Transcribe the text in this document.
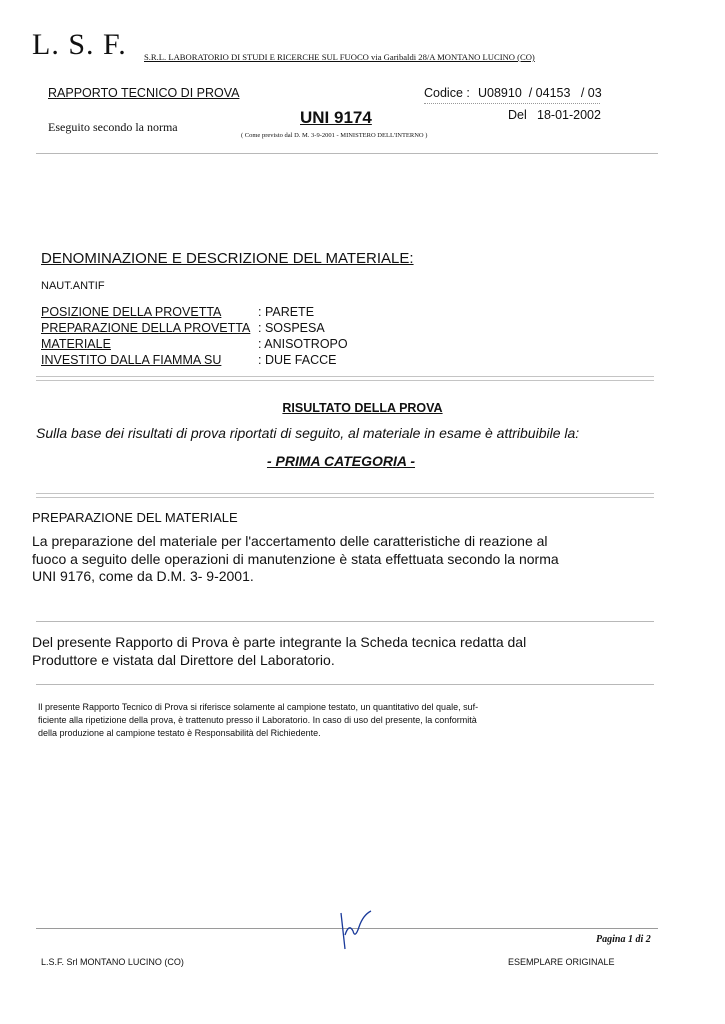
L. S. F. S.R.L. LABORATORIO DI STUDI E RICERCHE SUL FUOCO via Garibaldi 28/A MONTANO LUCINO (CO)
RAPPORTO TECNICO DI PROVA	Codice : U08910  / 04153   / 03
Del 18-01-2002
Eseguito secondo la norma	UNI 9174
( Come previsto dal D. M. 3-9-2001 - MINISTERO DELL'INTERNO )
DENOMINAZIONE E DESCRIZIONE DEL MATERIALE:
NAUT.ANTIF
POSIZIONE DELLA PROVETTA	: PARETE
PREPARAZIONE DELLA PROVETTA : SOSPESA
MATERIALE	: ANISOTROPO
INVESTITO DALLA FIAMMA SU	: DUE FACCE
RISULTATO DELLA PROVA
Sulla base dei risultati di prova riportati di seguito, al materiale in esame è attribuibile la:
- PRIMA CATEGORIA -
PREPARAZIONE DEL MATERIALE
La preparazione del materiale per l'accertamento delle caratteristiche di reazione al
fuoco a seguito delle operazioni di manutenzione è stata effettuata secondo la norma
UNI 9176, come da D.M. 3- 9-2001.
Del presente Rapporto di Prova è parte integrante la Scheda tecnica redatta dal
Produttore e vistata dal Direttore del Laboratorio.
Il presente Rapporto Tecnico di Prova si riferisce solamente al campione testato, un quantitativo del quale, suf-
ficiente alla ripetizione della prova, è trattenuto presso il Laboratorio. In caso di uso del presente, la conformità
della produzione al campione testato è Responsabilità del Richiedente.
Pagina 1 di 2
L.S.F. Srl MONTANO LUCINO (CO)	ESEMPLARE ORIGINALE
